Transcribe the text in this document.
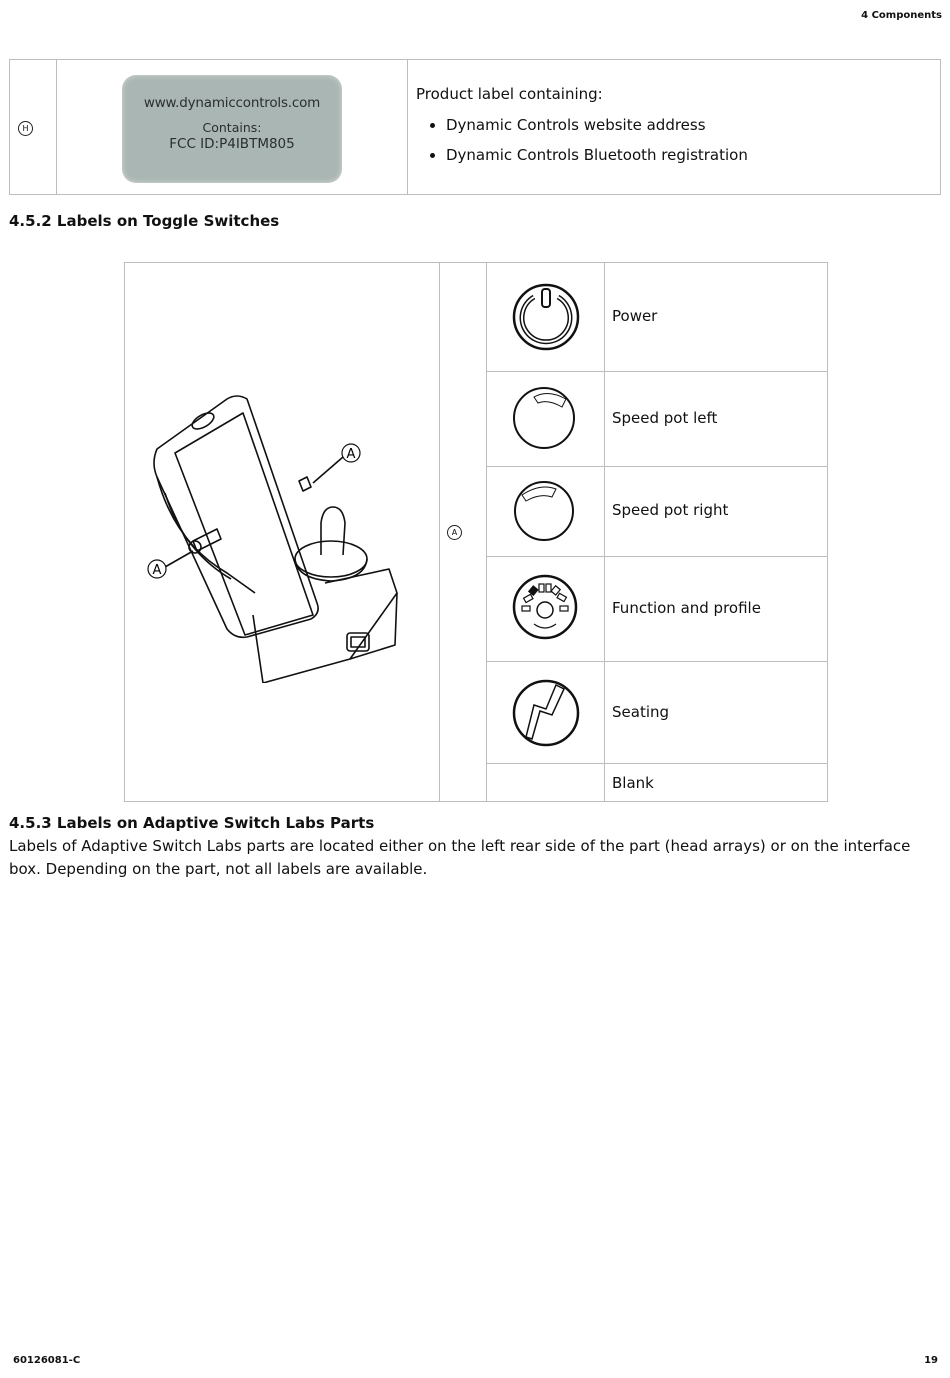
4 Components
H
www.dynamiccontrols.com
Contains:
FCC ID:P4IBTM805
Product label containing:
• Dynamic Controls website address
• Dynamic Controls Bluetooth registration
4.5.2 Labels on Toggle Switches
A
A
A
Power
Speed pot left
Speed pot right
Function and profile
Seating
Blank
4.5.3 Labels on Adaptive Switch Labs Parts
Labels of Adaptive Switch Labs parts are located either on the left rear side of the part (head arrays) or on the interface box. Depending on the part, not all labels are available.
60126081-C	19
